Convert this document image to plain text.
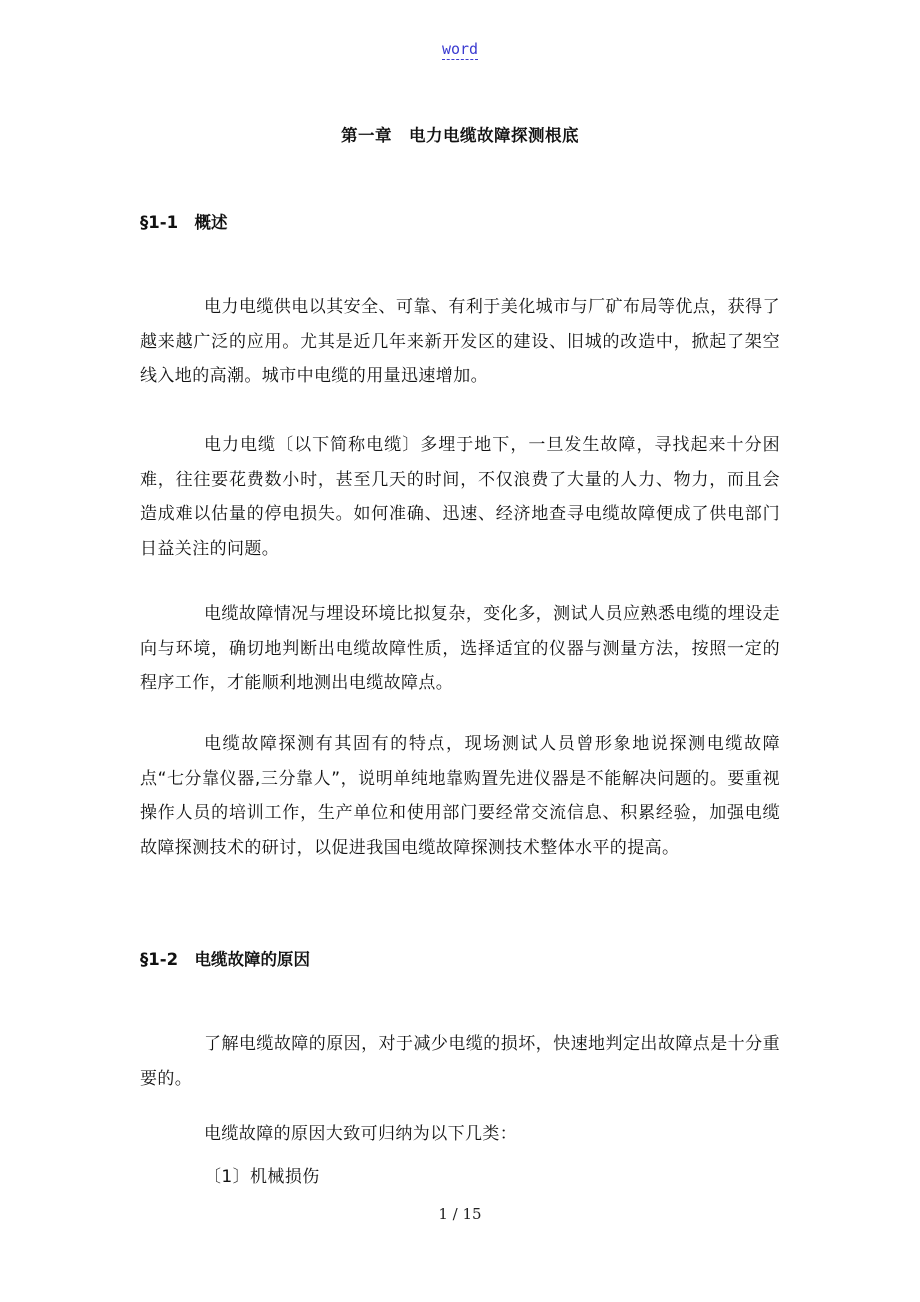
word
第一章　电力电缆故障探测根底
§1-1　概述

电力电缆供电以其安全、可靠、有利于美化城市与厂矿布局等优点，获得了越来越广泛的应用。尤其是近几年来新开发区的建设、旧城的改造中，掀起了架空线入地的高潮。城市中电缆的用量迅速增加。

电力电缆〔以下简称电缆〕多埋于地下，一旦发生故障，寻找起来十分困难，往往要花费数小时，甚至几天的时间，不仅浪费了大量的人力、物力，而且会造成难以估量的停电损失。如何准确、迅速、经济地查寻电缆故障便成了供电部门日益关注的问题。

电缆故障情况与埋设环境比拟复杂，变化多，测试人员应熟悉电缆的埋设走向与环境，确切地判断出电缆故障性质，选择适宜的仪器与测量方法，按照一定的程序工作，才能顺利地测出电缆故障点。

电缆故障探测有其固有的特点，现场测试人员曾形象地说探测电缆故障点“七分靠仪器,三分靠人”，说明单纯地靠购置先进仪器是不能解决问题的。要重视操作人员的培训工作，生产单位和使用部门要经常交流信息、积累经验，加强电缆故障探测技术的研讨，以促进我国电缆故障探测技术整体水平的提高。

§1-2　电缆故障的原因

了解电缆故障的原因，对于减少电缆的损坏，快速地判定出故障点是十分重要的。

电缆故障的原因大致可归纳为以下几类：
〔1〕机械损伤
1 / 15
